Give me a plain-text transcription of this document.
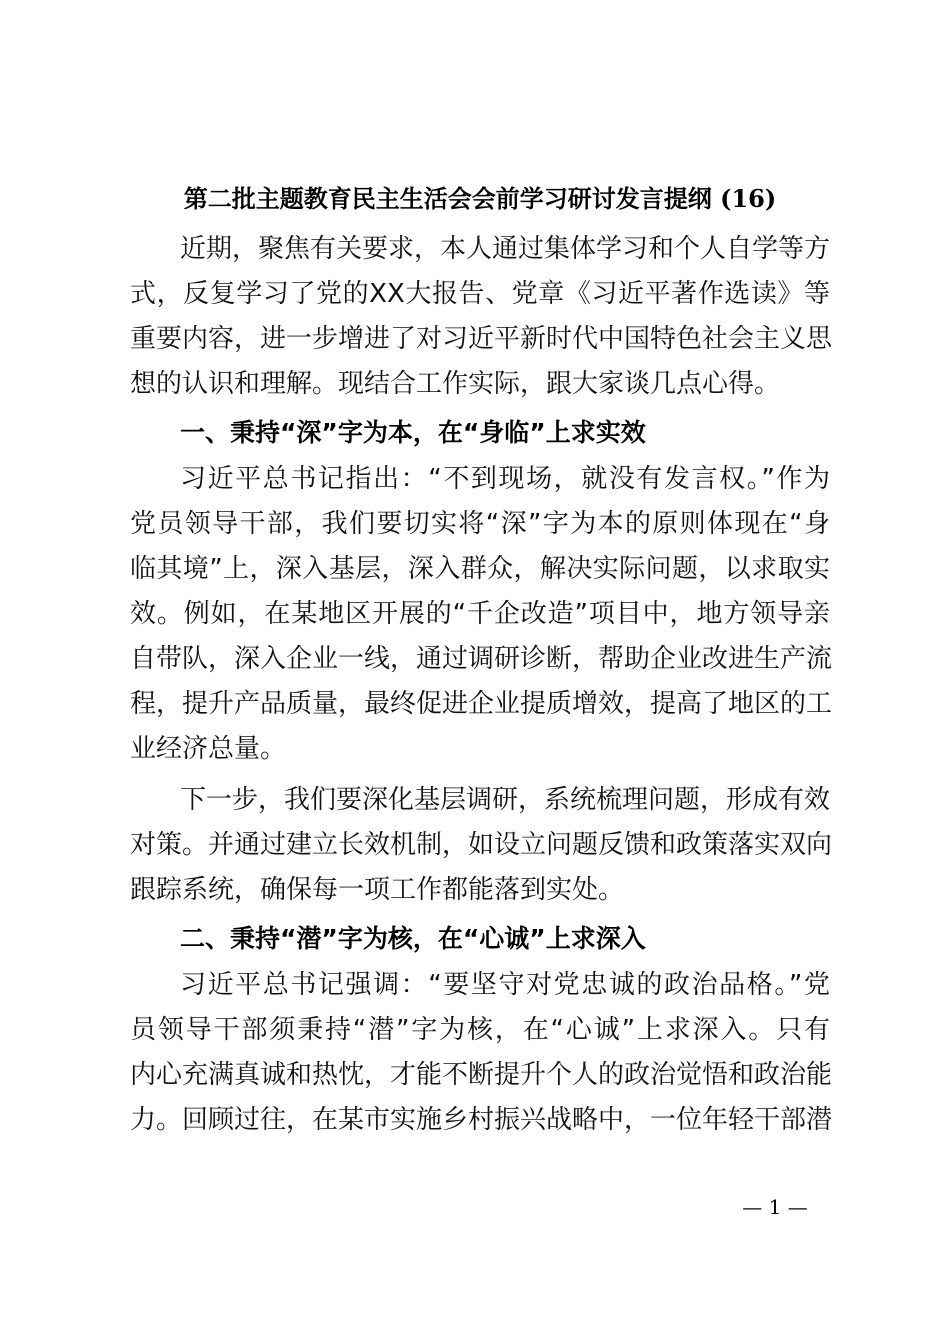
第二批主题教育民主生活会会前学习研讨发言提纲 (16)
近期，聚焦有关要求，本人通过集体学习和个人自学等方
式，反复学习了党的XX大报告、党章《习近平著作选读》等
重要内容，进一步增进了对习近平新时代中国特色社会主义思
想的认识和理解。现结合工作实际，跟大家谈几点心得。
一、秉持“深”字为本，在“身临”上求实效
习近平总书记指出：“不到现场，就没有发言权。”作为
党员领导干部，我们要切实将“深”字为本的原则体现在“身
临其境”上，深入基层，深入群众，解决实际问题，以求取实
效。例如，在某地区开展的“千企改造”项目中，地方领导亲
自带队，深入企业一线，通过调研诊断，帮助企业改进生产流
程，提升产品质量，最终促进企业提质增效，提高了地区的工
业经济总量。
下一步，我们要深化基层调研，系统梳理问题，形成有效
对策。并通过建立长效机制，如设立问题反馈和政策落实双向
跟踪系统，确保每一项工作都能落到实处。
二、秉持“潜”字为核，在“心诚”上求深入
习近平总书记强调：“要坚守对党忠诚的政治品格。”党
员领导干部须秉持“潜”字为核，在“心诚”上求深入。只有
内心充满真诚和热忱，才能不断提升个人的政治觉悟和政治能
力。回顾过往，在某市实施乡村振兴战略中，一位年轻干部潜
— 1 —
